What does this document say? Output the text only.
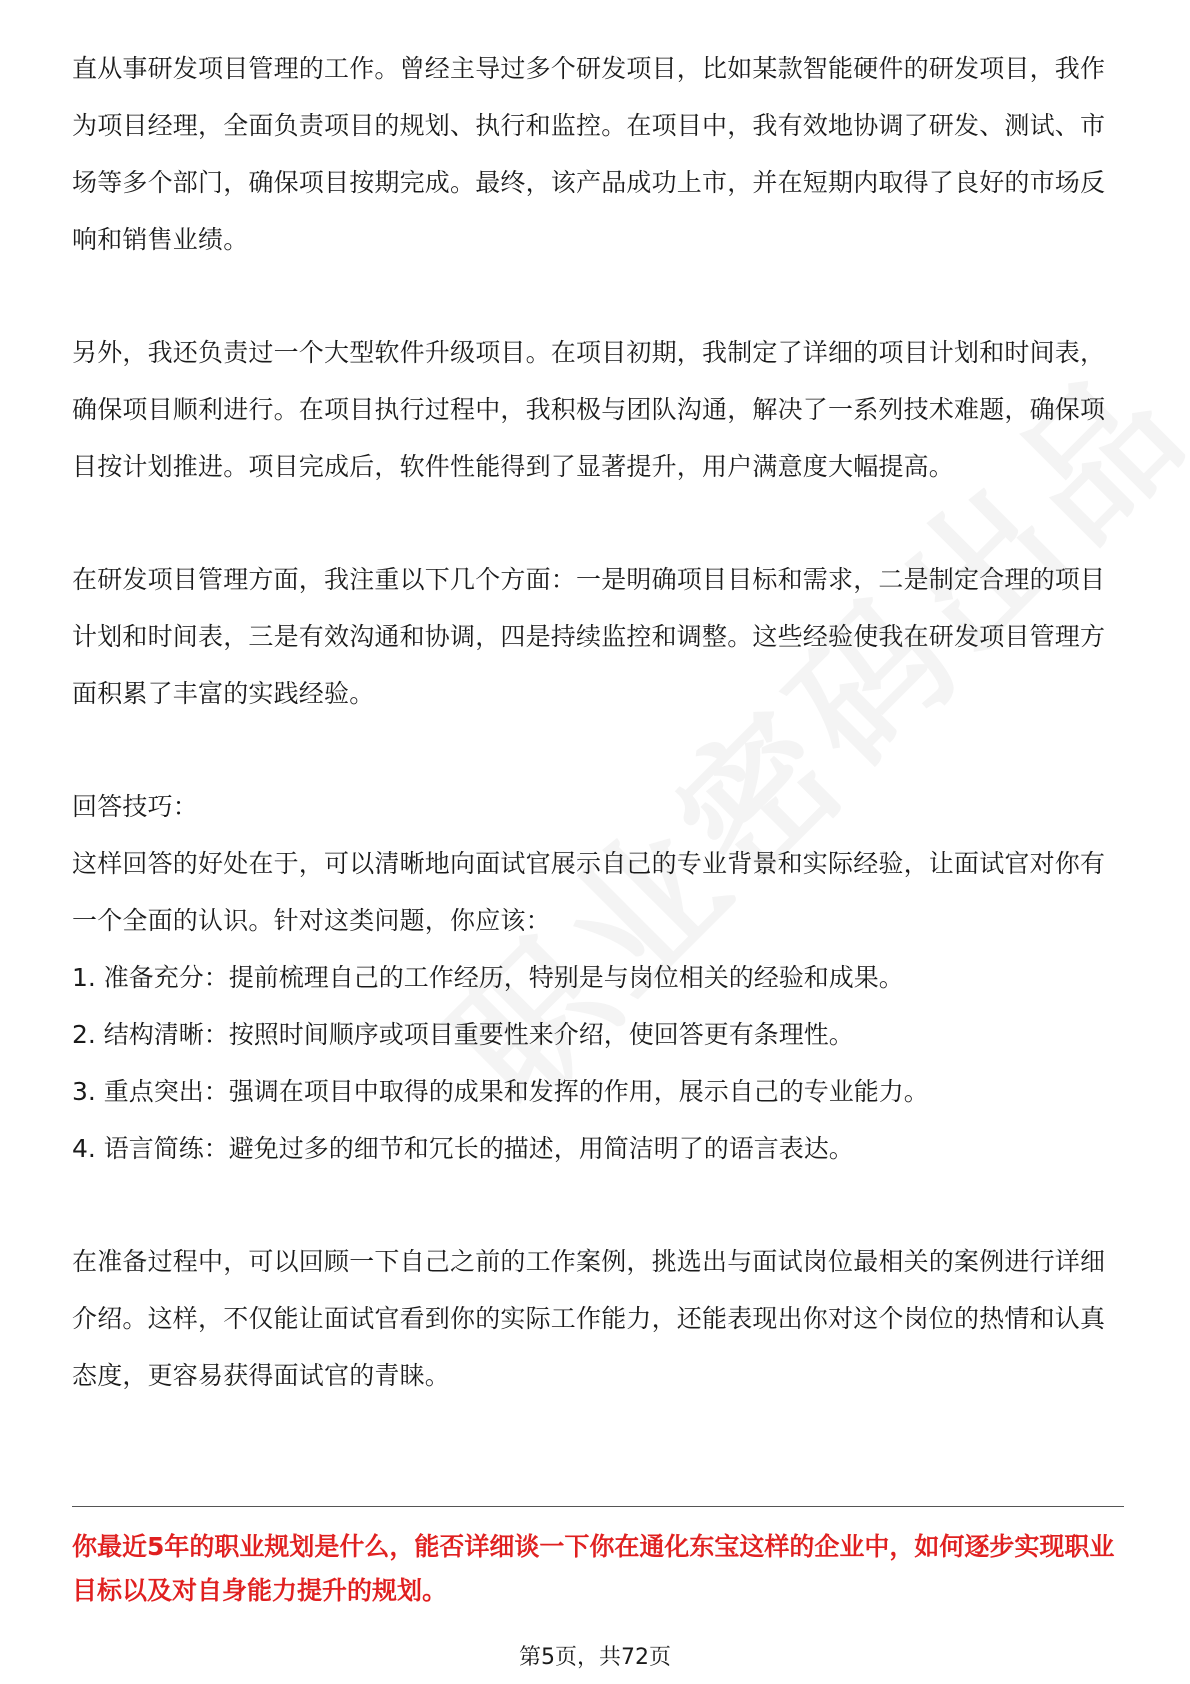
直从事研发项目管理的工作。曾经主导过多个研发项目，比如某款智能硬件的研发项目，我作为项目经理，全面负责项目的规划、执行和监控。在项目中，我有效地协调了研发、测试、市场等多个部门，确保项目按期完成。最终，该产品成功上市，并在短期内取得了良好的市场反响和销售业绩。

另外，我还负责过一个大型软件升级项目。在项目初期，我制定了详细的项目计划和时间表，确保项目顺利进行。在项目执行过程中，我积极与团队沟通，解决了一系列技术难题，确保项目按计划推进。项目完成后，软件性能得到了显著提升，用户满意度大幅提高。

在研发项目管理方面，我注重以下几个方面：一是明确项目目标和需求，二是制定合理的项目计划和时间表，三是有效沟通和协调，四是持续监控和调整。这些经验使我在研发项目管理方面积累了丰富的实践经验。

回答技巧：

这样回答的好处在于，可以清晰地向面试官展示自己的专业背景和实际经验，让面试官对你有一个全面的认识。针对这类问题，你应该：

1. 准备充分：提前梳理自己的工作经历，特别是与岗位相关的经验和成果。

2. 结构清晰：按照时间顺序或项目重要性来介绍，使回答更有条理性。

3. 重点突出：强调在项目中取得的成果和发挥的作用，展示自己的专业能力。

4. 语言简练：避免过多的细节和冗长的描述，用简洁明了的语言表达。

在准备过程中，可以回顾一下自己之前的工作案例，挑选出与面试岗位最相关的案例进行详细介绍。这样，不仅能让面试官看到你的实际工作能力，还能表现出你对这个岗位的热情和认真态度，更容易获得面试官的青睐。

你最近5年的职业规划是什么，能否详细谈一下你在通化东宝这样的企业中，如何逐步实现职业目标以及对自身能力提升的规划。

第5页，共72页
